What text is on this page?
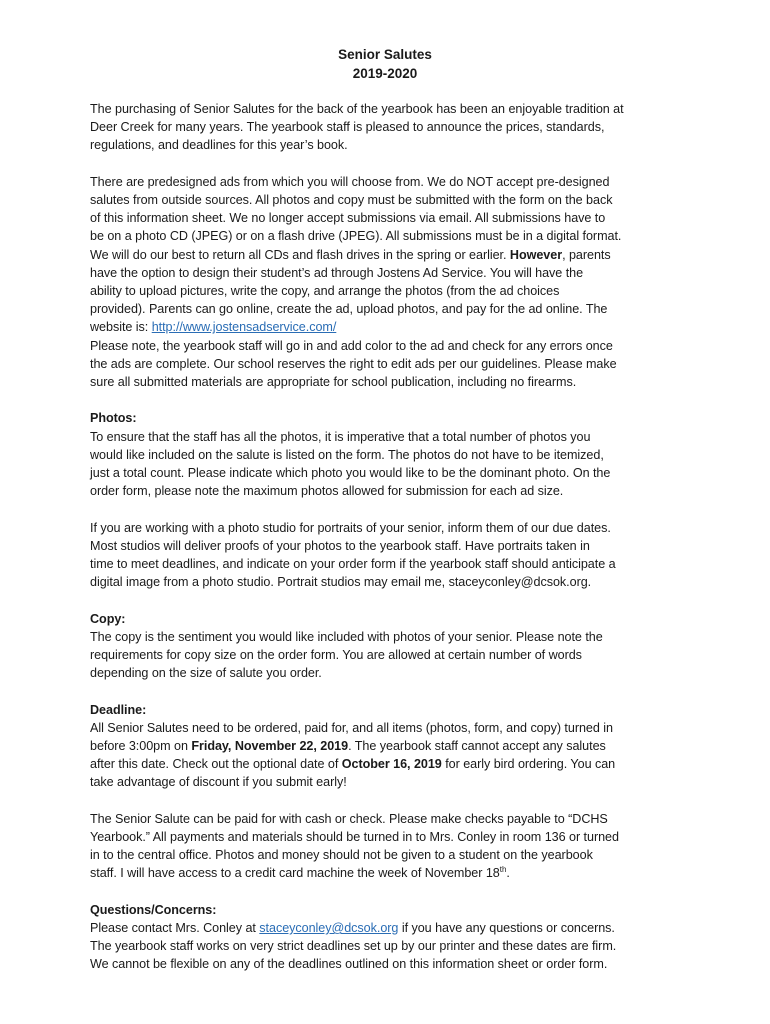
Senior Salutes
2019-2020
The purchasing of Senior Salutes for the back of the yearbook has been an enjoyable tradition at
Deer Creek for many years. The yearbook staff is pleased to announce the prices, standards,
regulations, and deadlines for this year’s book.
There are predesigned ads from which you will choose from. We do NOT accept pre-designed
salutes from outside sources. All photos and copy must be submitted with the form on the back
of this information sheet. We no longer accept submissions via email. All submissions have to
be on a photo CD (JPEG) or on a flash drive (JPEG). All submissions must be in a digital format.
We will do our best to return all CDs and flash drives in the spring or earlier. However, parents
have the option to design their student’s ad through Jostens Ad Service. You will have the
ability to upload pictures, write the copy, and arrange the photos (from the ad choices
provided). Parents can go online, create the ad, upload photos, and pay for the ad online. The
website is: http://www.jostensadservice.com/
Please note, the yearbook staff will go in and add color to the ad and check for any errors once
the ads are complete. Our school reserves the right to edit ads per our guidelines. Please make
sure all submitted materials are appropriate for school publication, including no firearms.
Photos:
To ensure that the staff has all the photos, it is imperative that a total number of photos you
would like included on the salute is listed on the form. The photos do not have to be itemized,
just a total count. Please indicate which photo you would like to be the dominant photo. On the
order form, please note the maximum photos allowed for submission for each ad size.
If you are working with a photo studio for portraits of your senior, inform them of our due dates.
Most studios will deliver proofs of your photos to the yearbook staff. Have portraits taken in
time to meet deadlines, and indicate on your order form if the yearbook staff should anticipate a
digital image from a photo studio. Portrait studios may email me, staceyconley@dcsok.org.
Copy:
The copy is the sentiment you would like included with photos of your senior. Please note the
requirements for copy size on the order form. You are allowed at certain number of words
depending on the size of salute you order.
Deadline:
All Senior Salutes need to be ordered, paid for, and all items (photos, form, and copy) turned in
before 3:00pm on Friday, November 22, 2019. The yearbook staff cannot accept any salutes
after this date. Check out the optional date of October 16, 2019 for early bird ordering. You can
take advantage of discount if you submit early!
The Senior Salute can be paid for with cash or check. Please make checks payable to “DCHS
Yearbook.” All payments and materials should be turned in to Mrs. Conley in room 136 or turned
in to the central office. Photos and money should not be given to a student on the yearbook
staff. I will have access to a credit card machine the week of November 18th.
Questions/Concerns:
Please contact Mrs. Conley at staceyconley@dcsok.org if you have any questions or concerns.
The yearbook staff works on very strict deadlines set up by our printer and these dates are firm.
We cannot be flexible on any of the deadlines outlined on this information sheet or order form.
